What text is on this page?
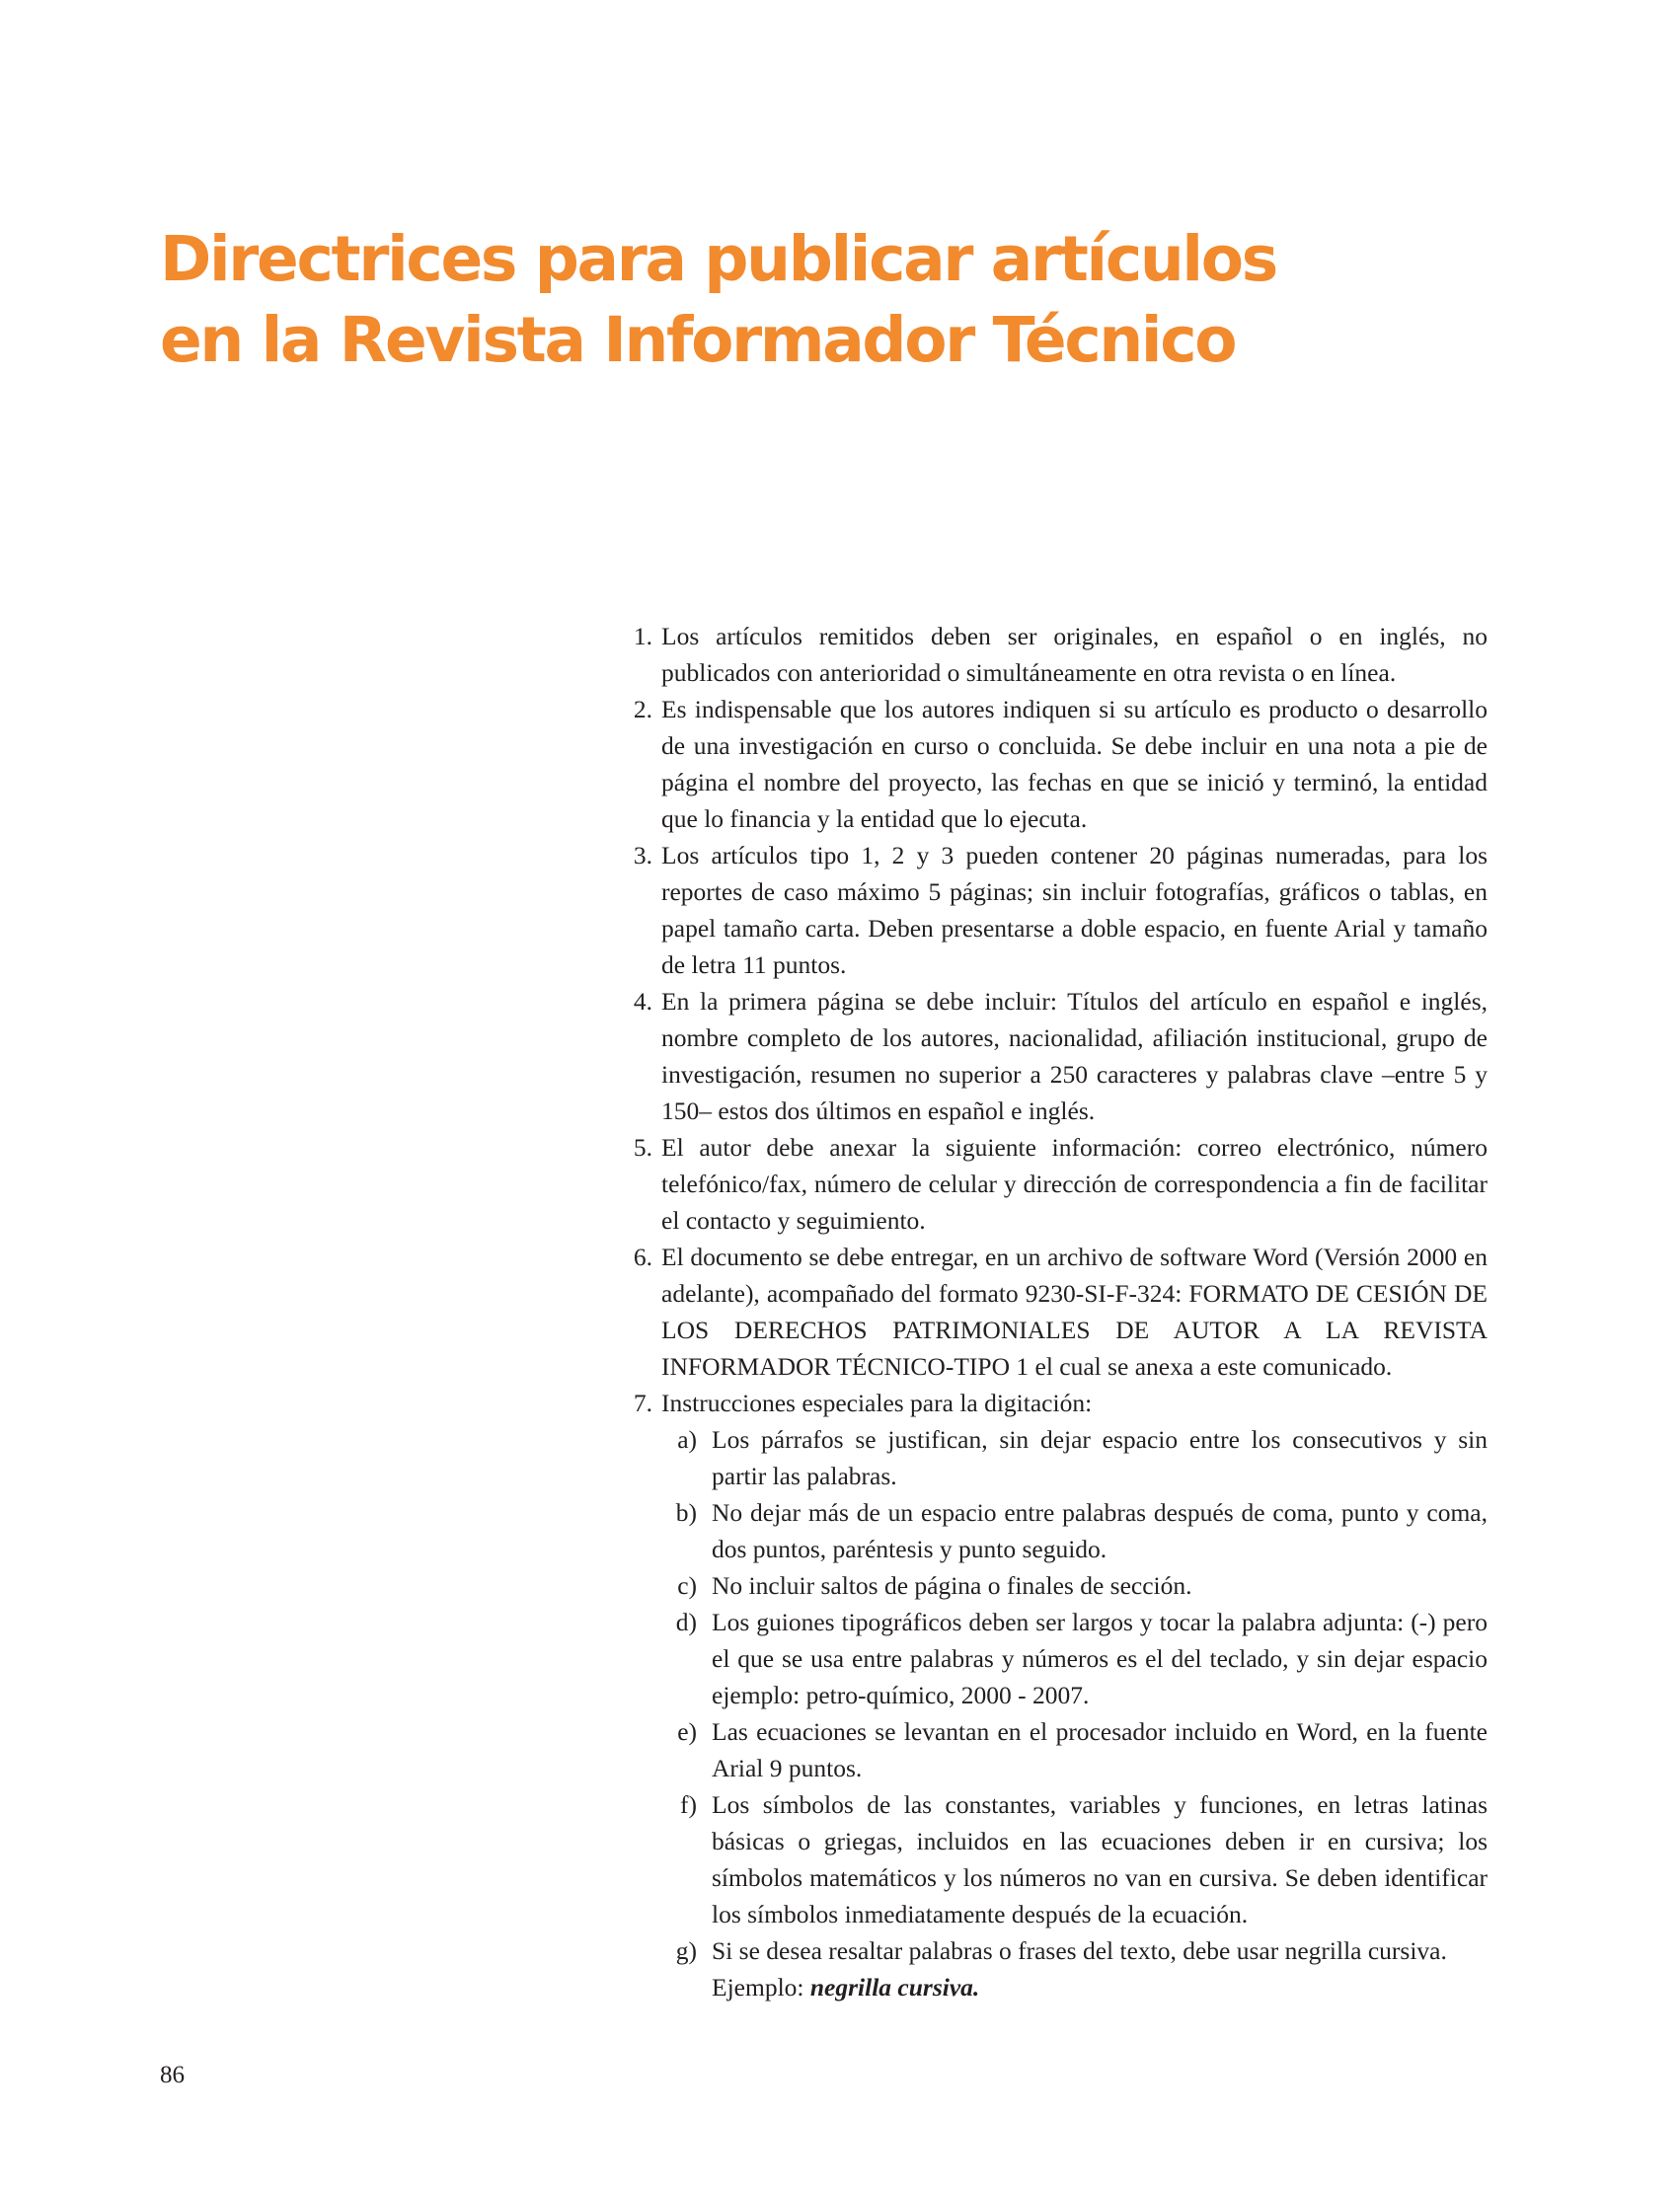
Directrices para publicar artículos
en la Revista Informador Técnico
1. Los artículos remitidos deben ser originales, en español o en inglés, no publicados con anterioridad o simultáneamente en otra revista o en línea.
2. Es indispensable que los autores indiquen si su artículo es producto o desarrollo de una investigación en curso o concluida. Se debe incluir en una nota a pie de página el nombre del proyecto, las fechas en que se inició y terminó, la entidad que lo financia y la entidad que lo ejecuta.
3. Los artículos tipo 1, 2 y 3 pueden contener 20 páginas numeradas, para los reportes de caso máximo 5 páginas; sin incluir fotografías, gráficos o tablas, en papel tamaño carta. Deben presentarse a doble espacio, en fuente Arial y tamaño de letra 11 puntos.
4. En la primera página se debe incluir: Títulos del artículo en español e inglés, nombre completo de los autores, nacionalidad, afiliación institucional, grupo de investigación, resumen no superior a 250 caracteres y palabras clave –entre 5 y 150– estos dos últimos en español e inglés.
5. El autor debe anexar la siguiente información: correo electrónico, número telefónico/fax, número de celular y dirección de correspondencia a fin de facilitar el contacto y seguimiento.
6. El documento se debe entregar, en un archivo de software Word (Versión 2000 en adelante), acompañado del formato 9230-SI-F-324: FORMATO DE CESIÓN DE LOS DERECHOS PATRIMONIALES DE AUTOR A LA REVISTA INFORMADOR TÉCNICO-TIPO 1 el cual se anexa a este comunicado.
7. Instrucciones especiales para la digitación:
a) Los párrafos se justifican, sin dejar espacio entre los consecutivos y sin partir las palabras.
b) No dejar más de un espacio entre palabras después de coma, punto y coma, dos puntos, paréntesis y punto seguido.
c) No incluir saltos de página o finales de sección.
d) Los guiones tipográficos deben ser largos y tocar la palabra adjunta: (-) pero el que se usa entre palabras y números es el del teclado, y sin dejar espacio ejemplo: petro-químico, 2000 - 2007.
e) Las ecuaciones se levantan en el procesador incluido en Word, en la fuente Arial 9 puntos.
f) Los símbolos de las constantes, variables y funciones, en letras latinas básicas o griegas, incluidos en las ecuaciones deben ir en cursiva; los símbolos matemáticos y los números no van en cursiva. Se deben identificar los símbolos inmediatamente después de la ecuación.
g) Si se desea resaltar palabras o frases del texto, debe usar negrilla cursiva.
Ejemplo: negrilla cursiva.
86
